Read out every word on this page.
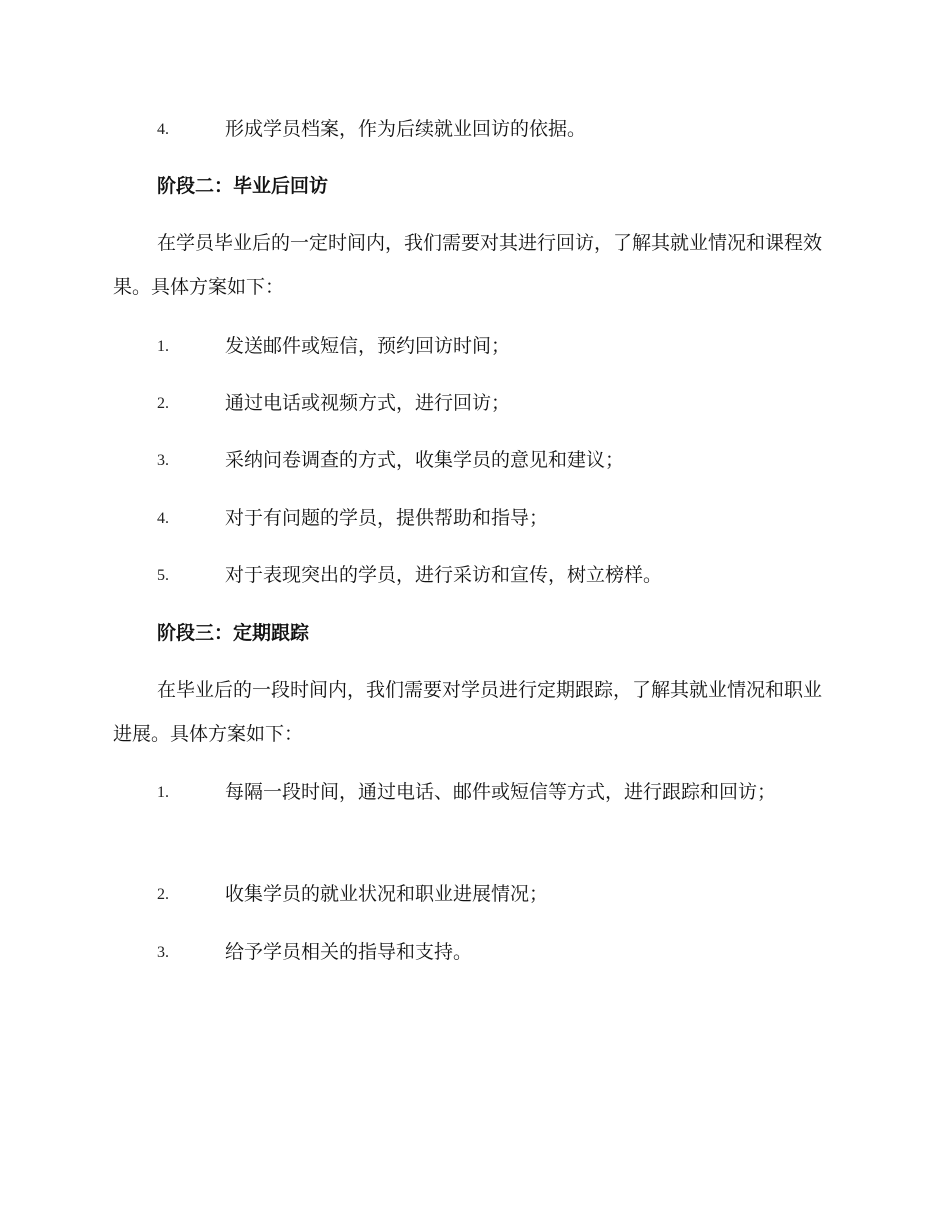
4.	形成学员档案，作为后续就业回访的依据。
阶段二：毕业后回访

在学员毕业后的一定时间内，我们需要对其进行回访，了解其就业情况和课程效果。具体方案如下：

1.	发送邮件或短信，预约回访时间；
2.	通过电话或视频方式，进行回访；
3.	采纳问卷调查的方式，收集学员的意见和建议；
4.	对于有问题的学员，提供帮助和指导；
5.	对于表现突出的学员，进行采访和宣传，树立榜样。
阶段三：定期跟踪

在毕业后的一段时间内，我们需要对学员进行定期跟踪，了解其就业情况和职业进展。具体方案如下：

1.	每隔一段时间，通过电话、邮件或短信等方式，进行跟踪和回访；

2.	收集学员的就业状况和职业进展情况；
3.	给予学员相关的指导和支持。
